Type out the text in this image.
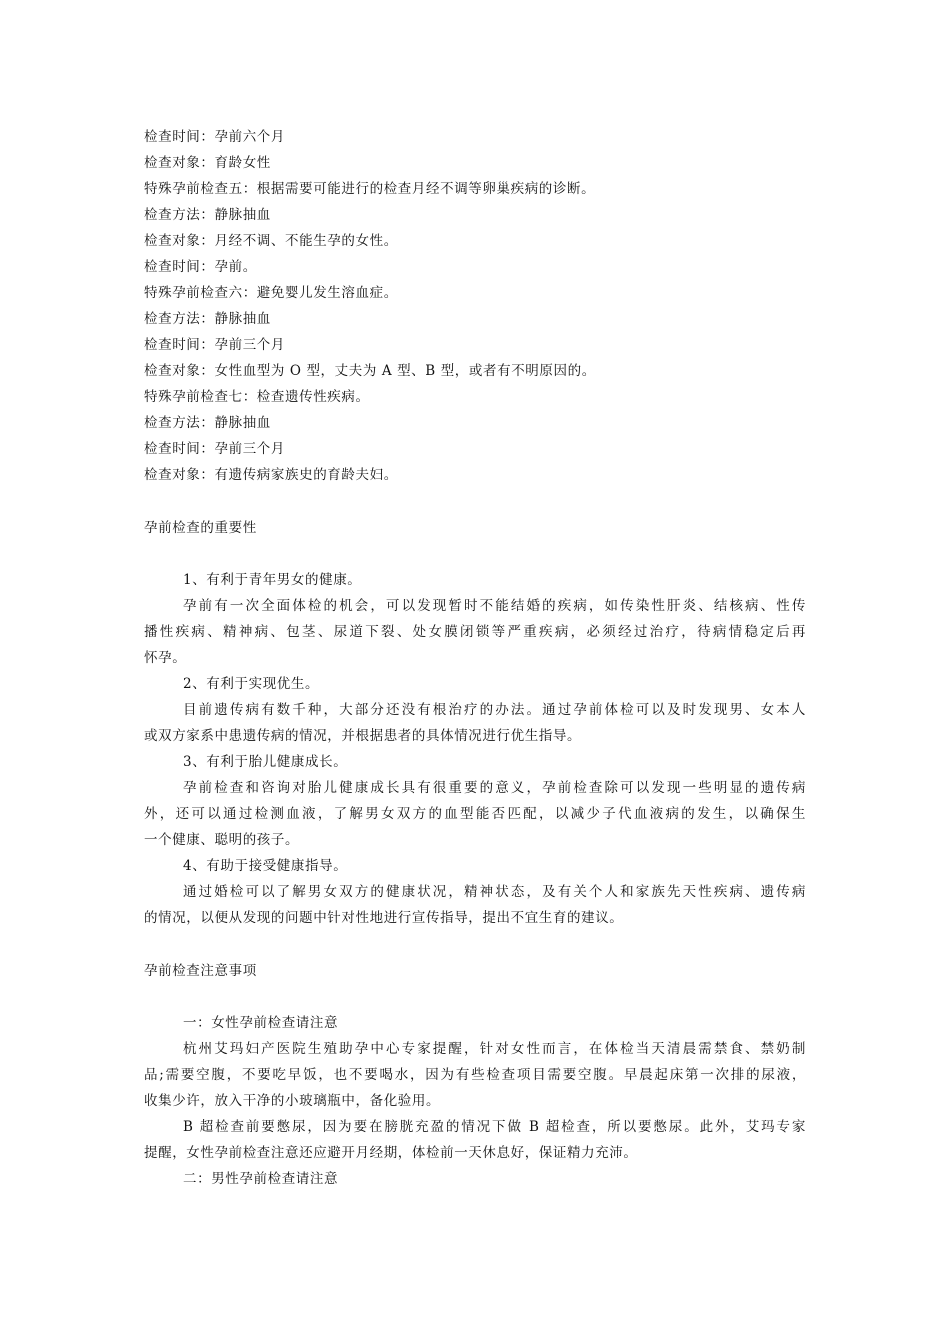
检查时间：孕前六个月
检查对象：育龄女性
特殊孕前检查五：根据需要可能进行的检查月经不调等卵巢疾病的诊断。
检查方法：静脉抽血
检查对象：月经不调、不能生孕的女性。
检查时间：孕前。
特殊孕前检查六：避免婴儿发生溶血症。
检查方法：静脉抽血
检查时间：孕前三个月
检查对象：女性血型为 O 型，丈夫为 A 型、B 型，或者有不明原因的。
特殊孕前检查七：检查遗传性疾病。
检查方法：静脉抽血
检查时间：孕前三个月
检查对象：有遗传病家族史的育龄夫妇。
孕前检查的重要性
1、有利于青年男女的健康。
孕前有一次全面体检的机会，可以发现暂时不能结婚的疾病，如传染性肝炎、结核病、性传
播性疾病、精神病、包茎、尿道下裂、处女膜闭锁等严重疾病，必须经过治疗，待病情稳定后再
怀孕。
2、有利于实现优生。
目前遗传病有数千种，大部分还没有根治疗的办法。通过孕前体检可以及时发现男、女本人
或双方家系中患遗传病的情况，并根据患者的具体情况进行优生指导。
3、有利于胎儿健康成长。
孕前检查和咨询对胎儿健康成长具有很重要的意义，孕前检查除可以发现一些明显的遗传病
外，还可以通过检测血液，了解男女双方的血型能否匹配，以减少子代血液病的发生，以确保生
一个健康、聪明的孩子。
4、有助于接受健康指导。
通过婚检可以了解男女双方的健康状况，精神状态，及有关个人和家族先天性疾病、遗传病
的情况，以便从发现的问题中针对性地进行宣传指导，提出不宜生育的建议。
孕前检查注意事项
一：女性孕前检查请注意
杭州艾玛妇产医院生殖助孕中心专家提醒，针对女性而言，在体检当天清晨需禁食、禁奶制
品;需要空腹，不要吃早饭，也不要喝水，因为有些检查项目需要空腹。早晨起床第一次排的尿液，
收集少许，放入干净的小玻璃瓶中，备化验用。
B 超检查前要憋尿，因为要在膀胱充盈的情况下做 B 超检查，所以要憋尿。此外，艾玛专家
提醒，女性孕前检查注意还应避开月经期，体检前一天休息好，保证精力充沛。
二：男性孕前检查请注意
